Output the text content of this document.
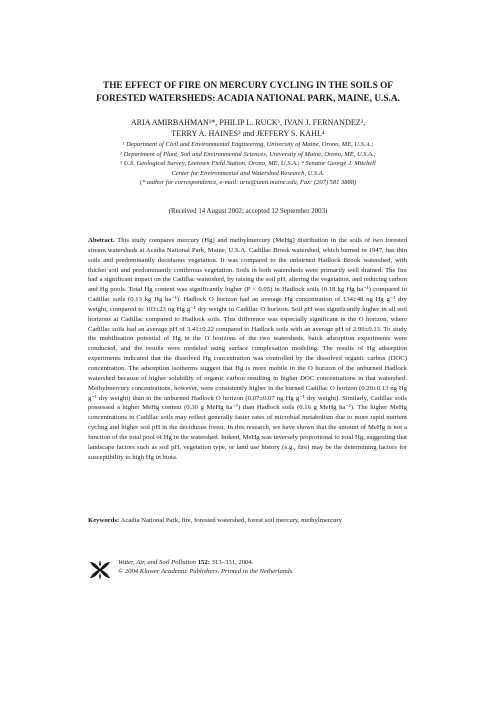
THE EFFECT OF FIRE ON MERCURY CYCLING IN THE SOILS OF
FORESTED WATERSHEDS: ACADIA NATIONAL PARK, MAINE, U.S.A.
ARIA AMIRBAHMAN¹*, PHILIP L. RUCK¹, IVAN J. FERNANDEZ²,
TERRY A. HAINES³ and JEFFERY S. KAHL⁴
¹ Department of Civil and Environmental Engineering, University of Maine, Orono, ME, U.S.A.;
² Department of Plant, Soil and Environmental Sciences, University of Maine, Orono, ME, U.S.A.;
³ U.S. Geological Survey, Leetown Field Station, Orono, ME, U.S.A.; ⁴ Senator George J. Mitchell
Center for Environmental and Watershed Research, U.S.A.
(* author for correspondence, e-mail: aria@umit.maine.edu, Fax: (207) 581 3888)
(Received 14 August 2002; accepted 12 September 2003)
Abstract. This study compares mercury (Hg) and methylmercury (MeHg) distribution in the soils of two forested stream watersheds at Acadia National Park, Maine, U.S.A. Cadillac Brook watershed, which burned in 1947, has thin soils and predominantly deciduous vegetation. It was compared to the unburned Hadlock Brook watershed, with thicker soil and predominantly coniferous vegetation. Soils in both watersheds were primarily well drained. The fire had a significant impact on the Cadillac watershed, by raising the soil pH, altering the vegetation, and reducing carbon and Hg pools. Total Hg content was significantly higher (P < 0.05) in Hadlock soils (0.18 kg Hg ha⁻¹) compared to Cadillac soils (0.13 kg Hg ha⁻¹). Hadlock O horizon had an average Hg concentration of 134±48 ng Hg g⁻¹ dry weight, compared to 103±23 ng Hg g⁻¹ dry weight in Cadillac O horizon. Soil pH was significantly higher in all soil horizons at Cadillac compared to Hadlock soils. This difference was especially significant in the O horizon, where Cadillac soils had an average pH of 3.41±0.22 compared to Hadlock soils with an average pH of 2.99±0.13. To study the mobilization potential of Hg in the O horizons of the two watersheds, batch adsorption experiments were conducted, and the results were modeled using surface complexation modeling. The results of Hg adsorption experiments indicated that the dissolved Hg concentration was controlled by the dissolved organic carbon (DOC) concentration. The adsorption isotherms suggest that Hg is more mobile in the O horizon of the unburned Hadlock watershed because of higher solubility of organic carbon resulting in higher DOC concentrations in that watershed. Methylmercury concentrations, however, were consistently higher in the burned Cadillac O horizon (0.20±0.13 ng Hg g⁻¹ dry weight) than in the unburned Hadlock O horizon (0.07±0.07 ng Hg g⁻¹ dry weight). Similarly, Cadillac soils possessed a higher MeHg content (0.30 g MeHg ha⁻¹) than Hadlock soils (0.16 g MeHg ha⁻¹). The higher MeHg concentrations in Cadillac soils may reflect generally faster rates of microbial metabolism due to more rapid nutrient cycling and higher soil pH in the deciduous forest. In this research, we have shown that the amount of MeHg is not a function of the total pool of Hg in the watershed. Indeed, MeHg was inversely proportional to total Hg, suggesting that landscape factors such as soil pH, vegetation type, or land use history (e.g., fire) may be the determining factors for susceptibility to high Hg in biota.
Keywords: Acadia National Park, fire, forested watershed, forest soil mercury, methylmercury
Water, Air, and Soil Pollution 152: 313–331, 2004.
© 2004 Kluwer Academic Publishers. Printed in the Netherlands.
